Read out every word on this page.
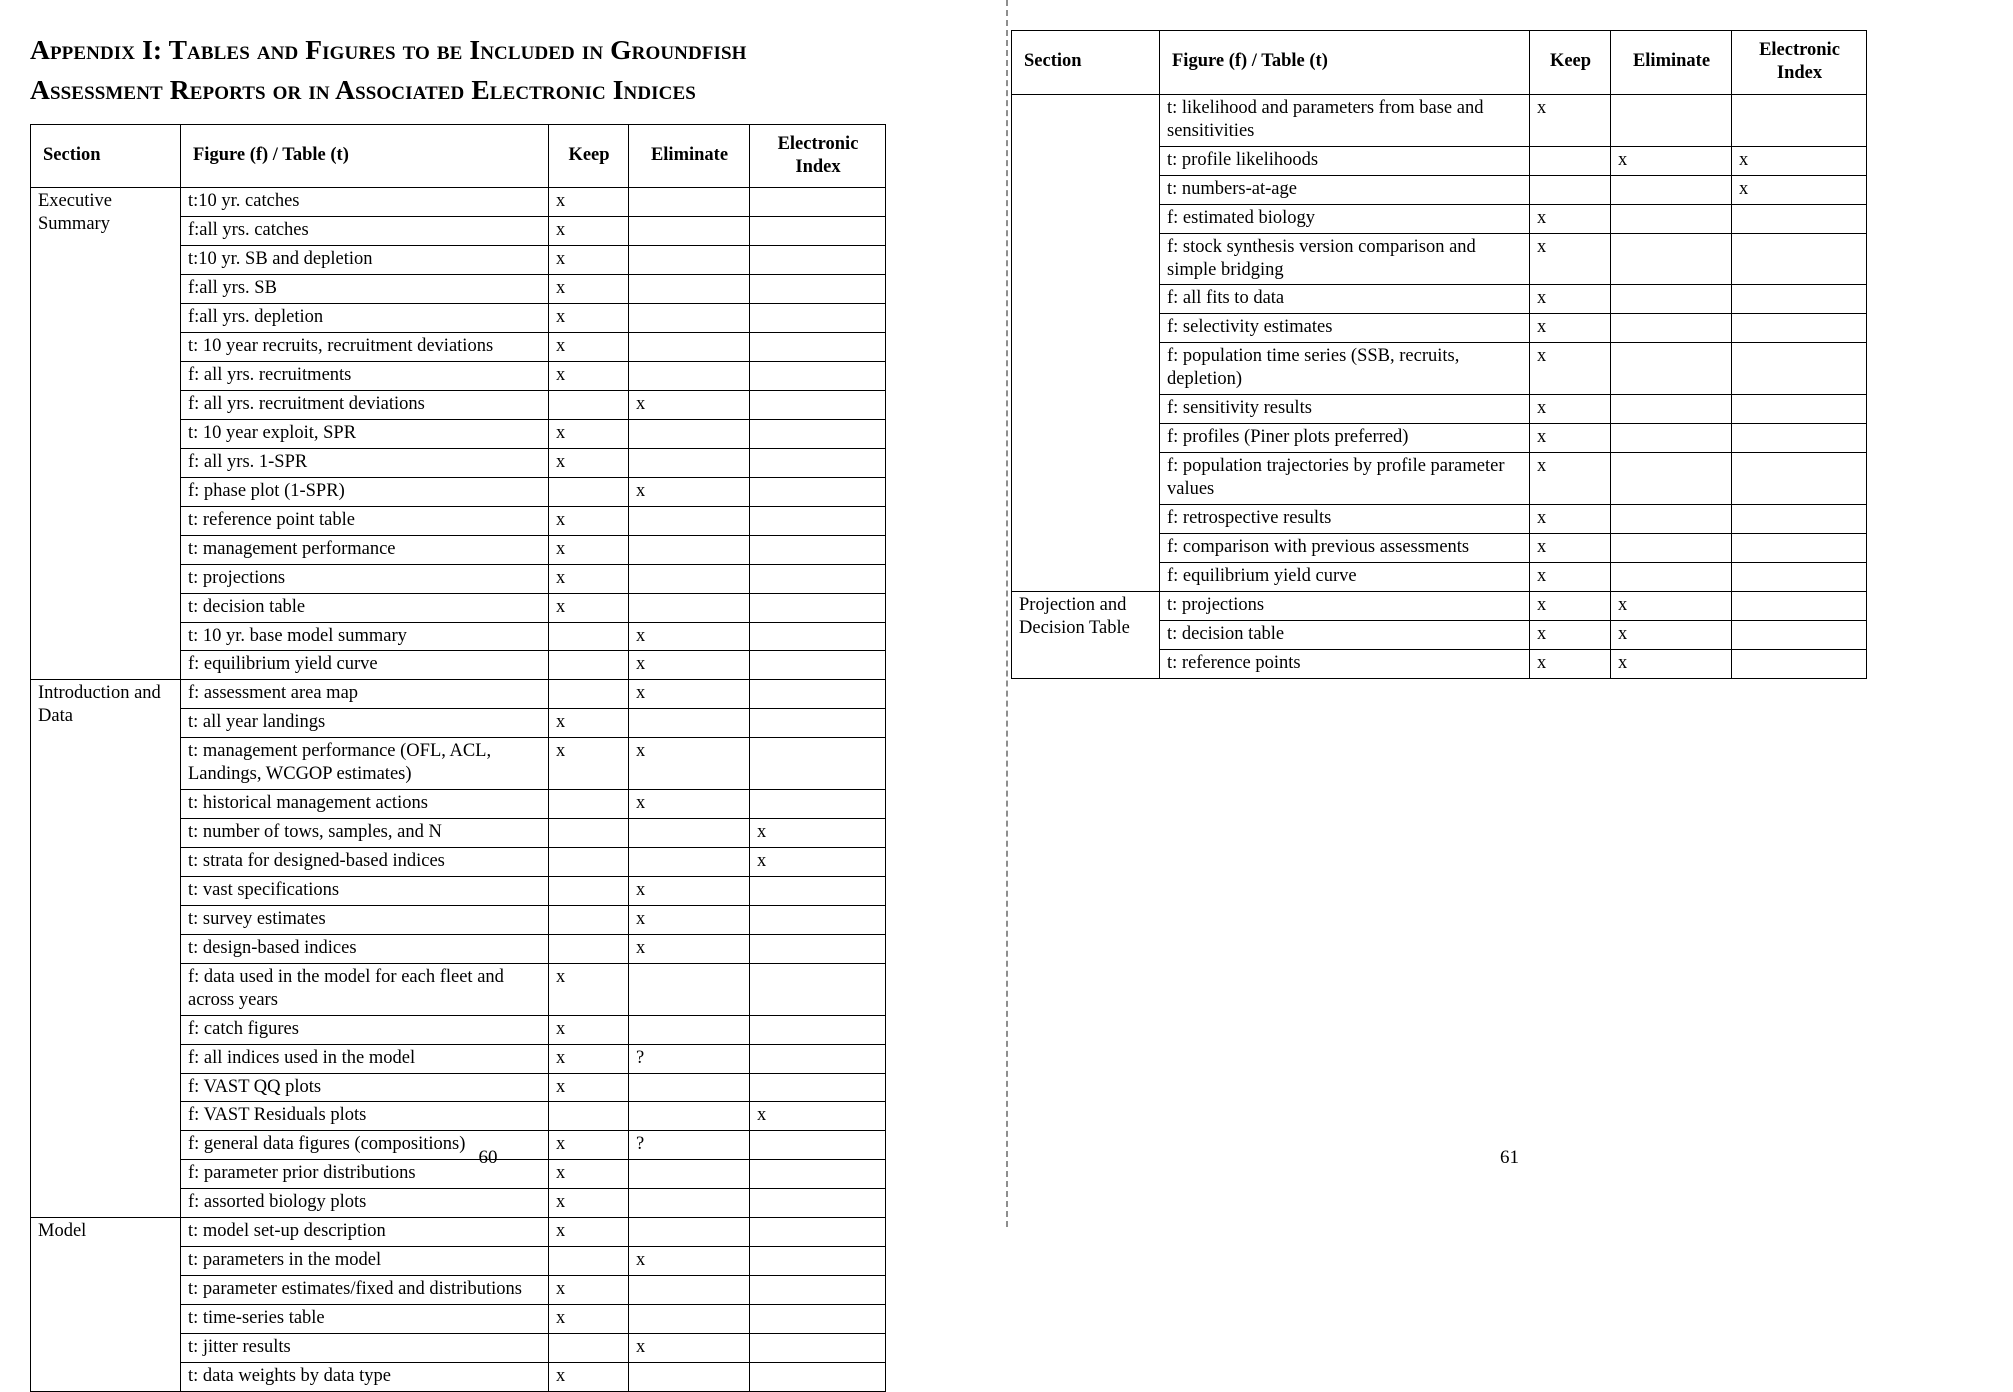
Appendix I: Tables and Figures to be Included in Groundfish
Assessment Reports or in Associated Electronic Indices
Section	Figure (f) / Table (t)	Keep	Eliminate	Electronic Index
Executive Summary	t:10 yr. catches	x		
	f:all yrs. catches	x		
	t:10 yr. SB and depletion	x		
	f:all yrs. SB	x		
	f:all yrs. depletion	x		
	t: 10 year recruits, recruitment deviations	x		
	f: all yrs. recruitments	x		
	f: all yrs. recruitment deviations		x	
	t: 10 year exploit, SPR	x		
	f: all yrs. 1-SPR	x		
	f: phase plot (1-SPR)		x	
	t: reference point table	x		
	t: management performance	x		
	t: projections	x		
	t: decision table	x		
	t: 10 yr. base model summary		x	
	f: equilibrium yield curve		x	
Introduction and Data	f: assessment area map		x	
	t: all year landings	x		
	t: management performance (OFL, ACL, Landings, WCGOP estimates)	x	x	
	t: historical management actions		x	
	t: number of tows, samples, and N			x
	t: strata for designed-based indices			x
	t: vast specifications		x	
	t: survey estimates		x	
	t: design-based indices		x	
	f: data used in the model for each fleet and across years	x		
	f: catch figures	x		
	f: all indices used in the model	x	?	
	f: VAST QQ plots	x		
	f: VAST Residuals plots			x
	f: general data figures (compositions)	x	?	
	f: parameter prior distributions	x		
	f: assorted biology plots	x		
Model	t: model set-up description	x		
	t: parameters in the model		x	
	t: parameter estimates/fixed and distributions	x		
	t: time-series table	x		
	t: jitter results		x	
	t: data weights by data type	x		
60
Section	Figure (f) / Table (t)	Keep	Eliminate	Electronic Index
	t: likelihood and parameters from base and sensitivities	x		
	t: profile likelihoods		x	x
	t: numbers-at-age			x
	f: estimated biology	x		
	f: stock synthesis version comparison and simple bridging	x		
	f: all fits to data	x		
	f: selectivity estimates	x		
	f: population time series (SSB, recruits, depletion)	x		
	f: sensitivity results	x		
	f: profiles (Piner plots preferred)	x		
	f: population trajectories by profile parameter values	x		
	f: retrospective results	x		
	f: comparison with previous assessments	x		
	f: equilibrium yield curve	x		
Projection and Decision Table	t: projections	x	x	
	t: decision table	x	x	
	t: reference points	x	x	
61
